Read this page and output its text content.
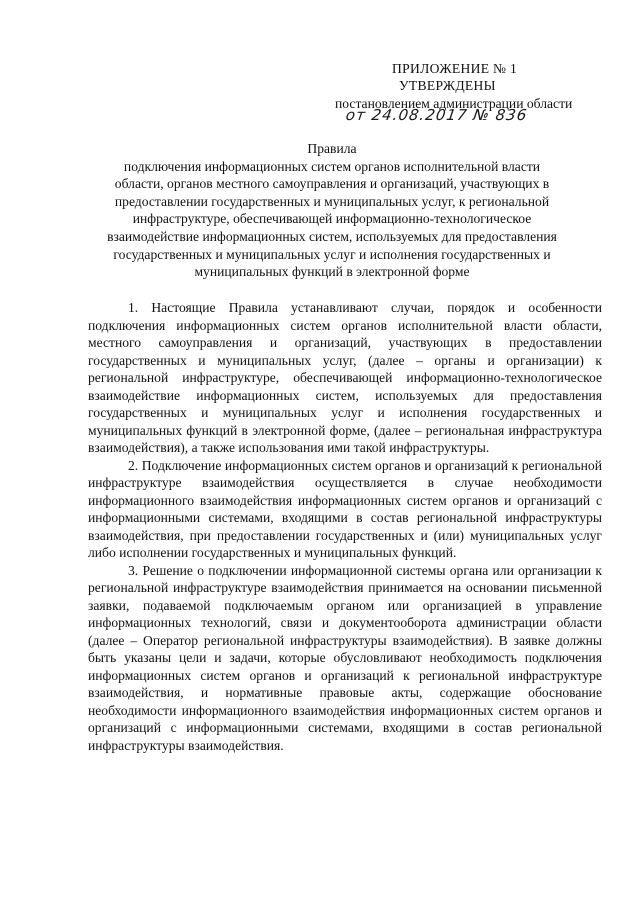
ПРИЛОЖЕНИЕ № 1
УТВЕРЖДЕНЫ
постановлением администрации области
от 24.08.2017 № 836

Правила

подключения информационных систем органов исполнительной власти

области, органов местного самоуправления и организаций, участвующих в

предоставлении государственных и муниципальных услуг, к региональной

инфраструктуре, обеспечивающей информационно-технологическое

взаимодействие информационных систем, используемых для предоставления

государственных и муниципальных услуг и исполнения государственных и

муниципальных функций в электронной форме

1. Настоящие Правила устанавливают случаи, порядок и особенности подключения информационных систем органов исполнительной власти области, местного самоуправления и организаций, участвующих в предоставлении государственных и муниципальных услуг, (далее – органы и организации) к региональной инфраструктуре, обеспечивающей информационно-технологическое взаимодействие информационных систем, используемых для предоставления государственных и муниципальных услуг и исполнения государственных и муниципальных функций в электронной форме, (далее – региональная инфраструктура взаимодействия), а также использования ими такой инфраструктуры.

2. Подключение информационных систем органов и организаций к региональной инфраструктуре взаимодействия осуществляется в случае необходимости информационного взаимодействия информационных систем органов и организаций с информационными системами, входящими в состав региональной инфраструктуры взаимодействия, при предоставлении государственных и (или) муниципальных услуг либо исполнении государственных и муниципальных функций.

3. Решение о подключении информационной системы органа или организации к региональной инфраструктуре взаимодействия принимается на основании письменной заявки, подаваемой подключаемым органом или организацией в управление информационных технологий, связи и документооборота администрации области (далее – Оператор региональной инфраструктуры взаимодействия). В заявке должны быть указаны цели и задачи, которые обусловливают необходимость подключения информационных систем органов и организаций к региональной инфраструктуре взаимодействия, и нормативные правовые акты, содержащие обоснование необходимости информационного взаимодействия информационных систем органов и организаций с информационными системами, входящими в состав региональной инфраструктуры взаимодействия.
